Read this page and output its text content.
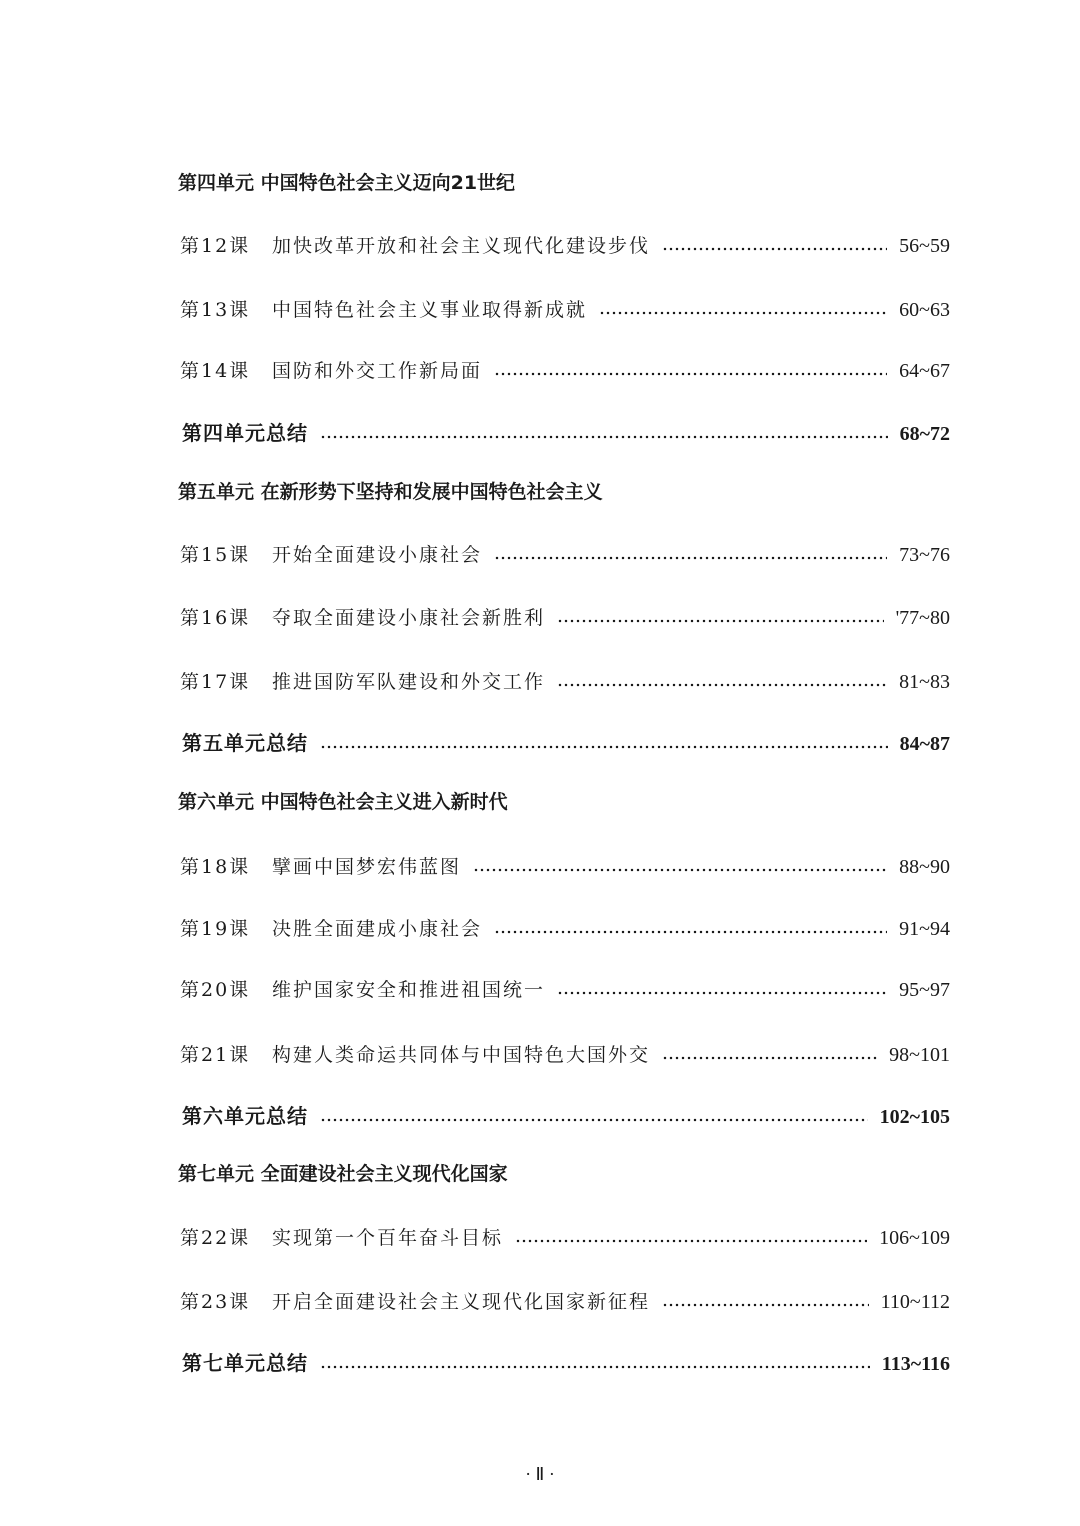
第四单元 中国特色社会主义迈向21世纪
第12课	加快改革开放和社会主义现代化建设步伐	56~59
第13课	中国特色社会主义事业取得新成就	60~63
第14课	国防和外交工作新局面	64~67
第四单元总结	68~72
第五单元 在新形势下坚持和发展中国特色社会主义
第15课	开始全面建设小康社会	73~76
第16课	夺取全面建设小康社会新胜利	'77~80
第17课	推进国防军队建设和外交工作	81~83
第五单元总结	84~87
第六单元 中国特色社会主义进入新时代
第18课	擘画中国梦宏伟蓝图	88~90
第19课	决胜全面建成小康社会	91~94
第20课	维护国家安全和推进祖国统一	95~97
第21课	构建人类命运共同体与中国特色大国外交	98~101
第六单元总结	102~105
第七单元 全面建设社会主义现代化国家
第22课	实现第一个百年奋斗目标	106~109
第23课	开启全面建设社会主义现代化国家新征程	110~112
第七单元总结	113~116
· Ⅱ ·
